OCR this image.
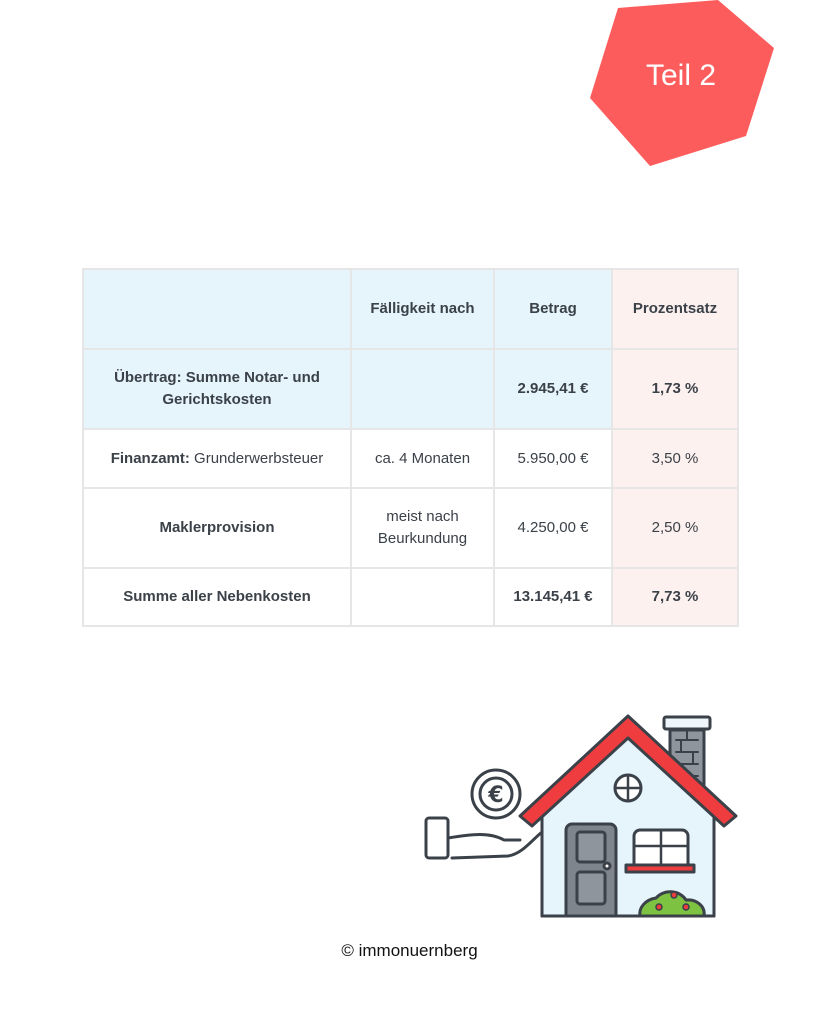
Teil 2
	Fälligkeit nach	Betrag	Prozentsatz
Übertrag: Summe Notar- und Gerichtskosten		2.945,41 €	1,73 %
Finanzamt: Grunderwerbsteuer	ca. 4 Monaten	5.950,00 €	3,50 %
Maklerprovision	meist nach Beurkundung	4.250,00 €	2,50 %
Summe aller Nebenkosten		13.145,41 €	7,73 %
€
© immonuernberg
